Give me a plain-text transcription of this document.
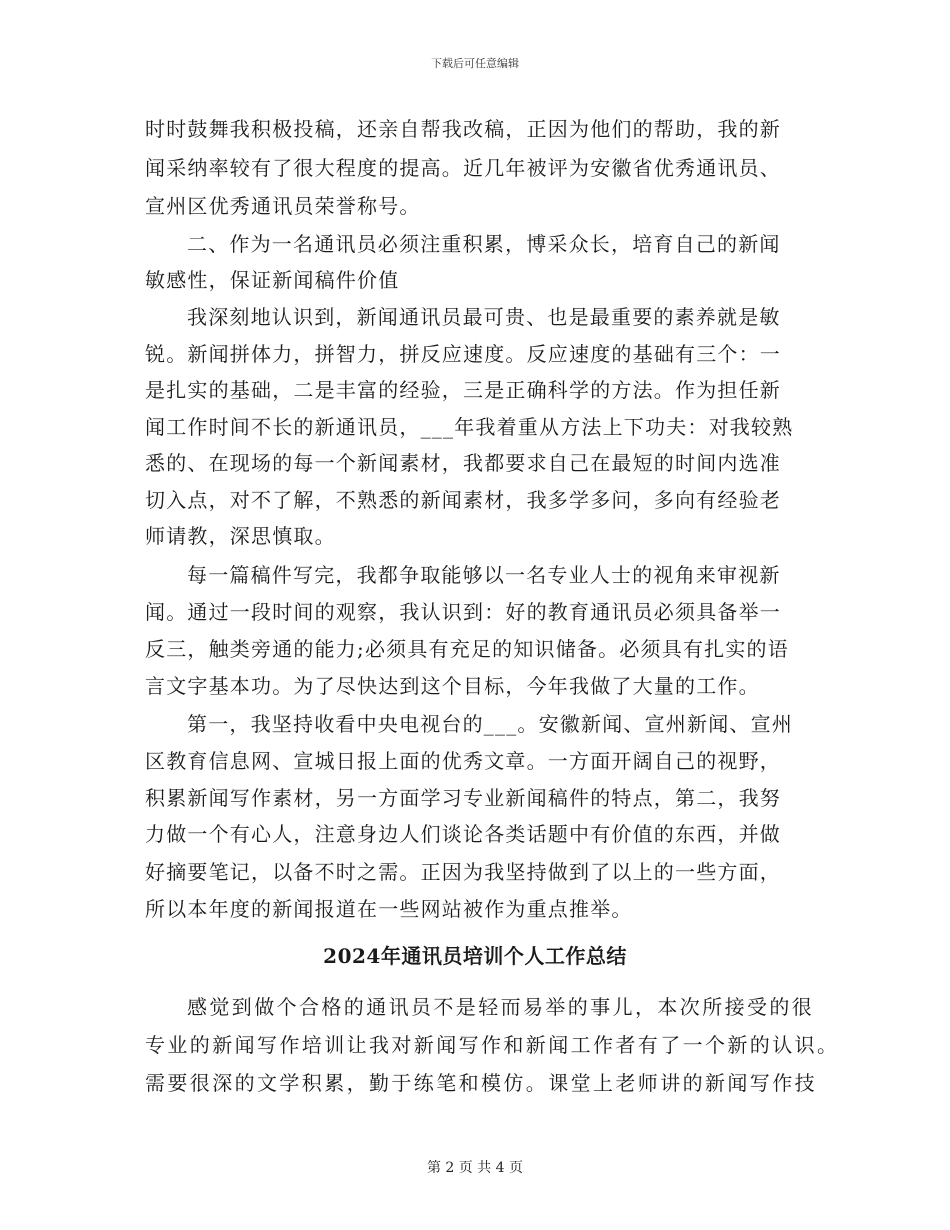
下载后可任意编辑
时时鼓舞我积极投稿，还亲自帮我改稿，正因为他们的帮助，我的新
闻采纳率较有了很大程度的提高。近几年被评为安徽省优秀通讯员、
宣州区优秀通讯员荣誉称号。
二、作为一名通讯员必须注重积累，博采众长，培育自己的新闻
敏感性，保证新闻稿件价值
我深刻地认识到，新闻通讯员最可贵、也是最重要的素养就是敏
锐。新闻拼体力，拼智力，拼反应速度。反应速度的基础有三个：一
是扎实的基础，二是丰富的经验，三是正确科学的方法。作为担任新
闻工作时间不长的新通讯员，___年我着重从方法上下功夫：对我较熟
悉的、在现场的每一个新闻素材，我都要求自己在最短的时间内选准
切入点，对不了解，不熟悉的新闻素材，我多学多问，多向有经验老
师请教，深思慎取。
每一篇稿件写完，我都争取能够以一名专业人士的视角来审视新
闻。通过一段时间的观察，我认识到：好的教育通讯员必须具备举一
反三，触类旁通的能力;必须具有充足的知识储备。必须具有扎实的语
言文字基本功。为了尽快达到这个目标，今年我做了大量的工作。
第一，我坚持收看中央电视台的___。安徽新闻、宣州新闻、宣州
区教育信息网、宣城日报上面的优秀文章。一方面开阔自己的视野，
积累新闻写作素材，另一方面学习专业新闻稿件的特点，第二，我努
力做一个有心人，注意身边人们谈论各类话题中有价值的东西，并做
好摘要笔记，以备不时之需。正因为我坚持做到了以上的一些方面，
所以本年度的新闻报道在一些网站被作为重点推举。
2024年通讯员培训个人工作总结
感觉到做个合格的通讯员不是轻而易举的事儿，本次所接受的很
专业的新闻写作培训让我对新闻写作和新闻工作者有了一个新的认识。
需要很深的文学积累，勤于练笔和模仿。课堂上老师讲的新闻写作技
第 2 页 共 4 页
